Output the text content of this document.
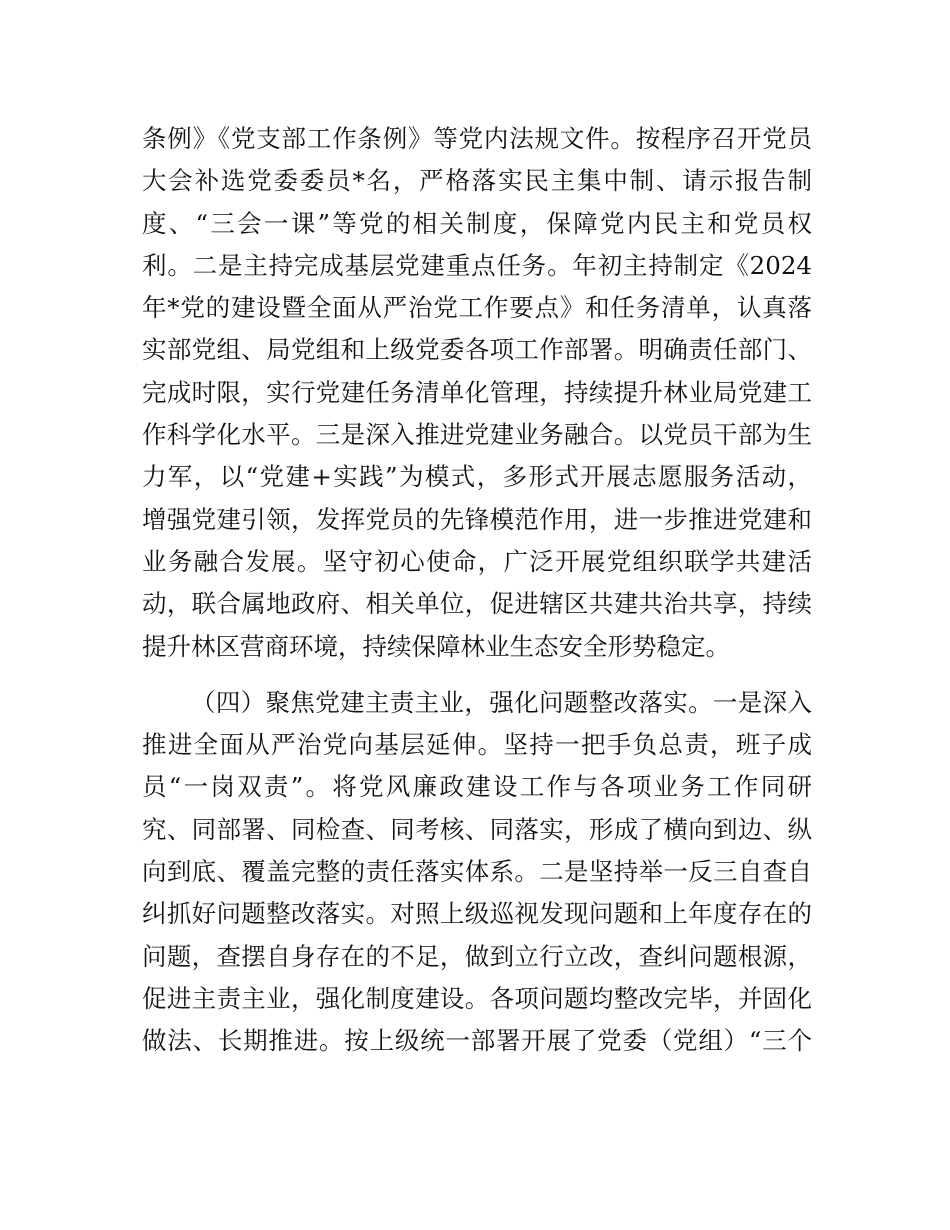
条例》《党支部工作条例》等党内法规文件。按程序召开党员
大会补选党委委员*名，严格落实民主集中制、请示报告制
度、“三会一课”等党的相关制度，保障党内民主和党员权
利。二是主持完成基层党建重点任务。年初主持制定《2024
年*党的建设暨全面从严治党工作要点》和任务清单，认真落
实部党组、局党组和上级党委各项工作部署。明确责任部门、
完成时限，实行党建任务清单化管理，持续提升林业局党建工
作科学化水平。三是深入推进党建业务融合。以党员干部为生
力军，以“党建+实践”为模式，多形式开展志愿服务活动，
增强党建引领，发挥党员的先锋模范作用，进一步推进党建和
业务融合发展。坚守初心使命，广泛开展党组织联学共建活
动，联合属地政府、相关单位，促进辖区共建共治共享，持续
提升林区营商环境，持续保障林业生态安全形势稳定。
（四）聚焦党建主责主业，强化问题整改落实。一是深入
推进全面从严治党向基层延伸。坚持一把手负总责，班子成
员“一岗双责”。将党风廉政建设工作与各项业务工作同研
究、同部署、同检查、同考核、同落实，形成了横向到边、纵
向到底、覆盖完整的责任落实体系。二是坚持举一反三自查自
纠抓好问题整改落实。对照上级巡视发现问题和上年度存在的
问题，查摆自身存在的不足，做到立行立改，查纠问题根源，
促进主责主业，强化制度建设。各项问题均整改完毕，并固化
做法、长期推进。按上级统一部署开展了党委（党组）“三个
